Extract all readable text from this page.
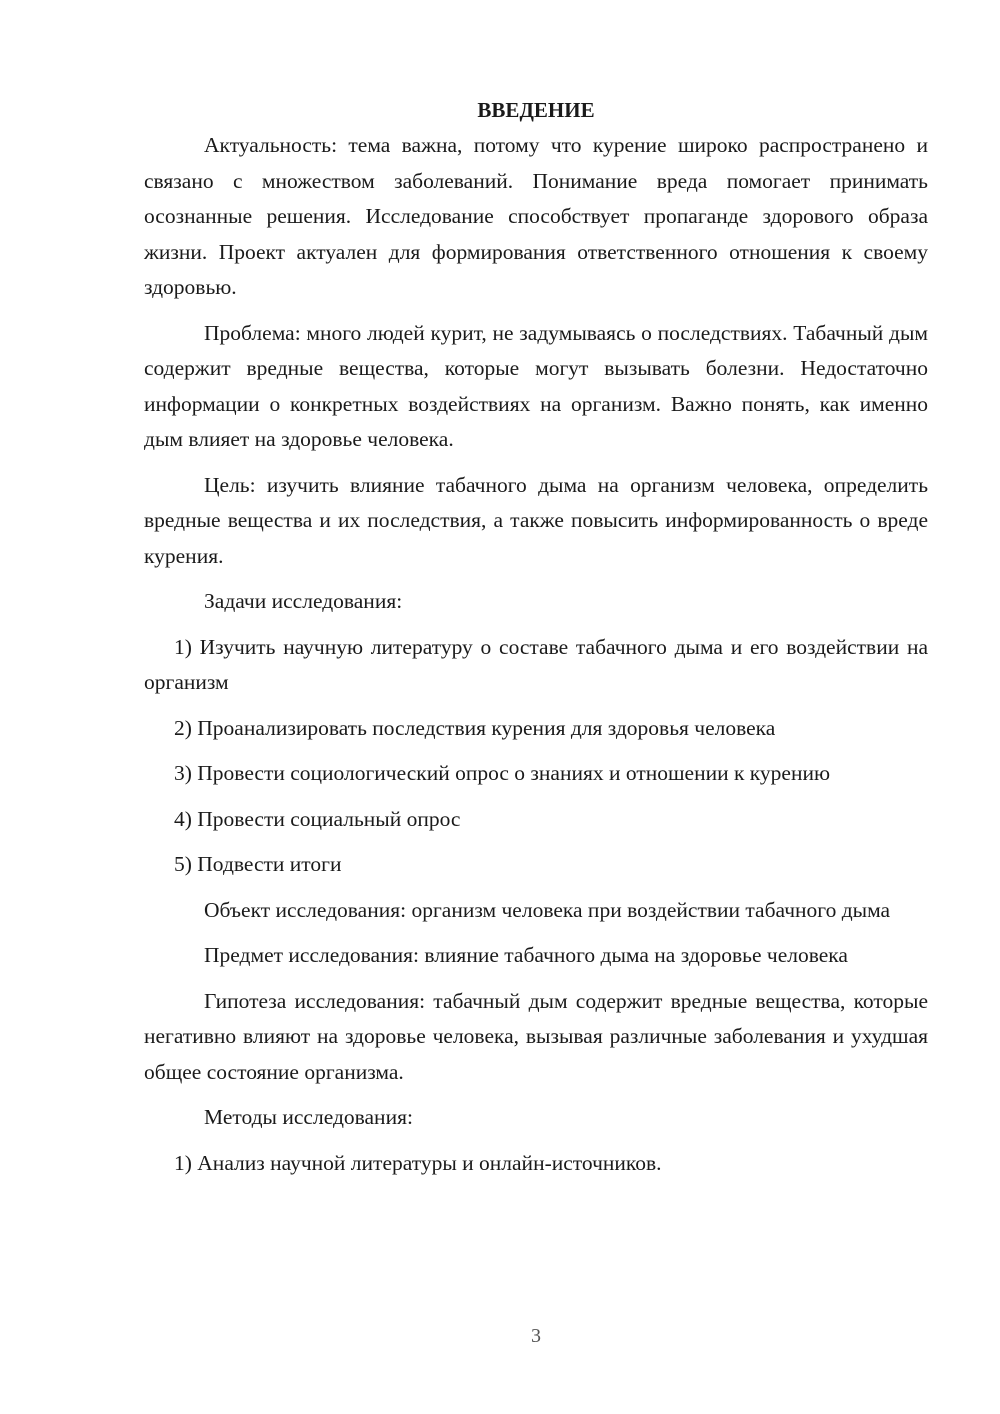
ВВЕДЕНИЕ

Актуальность: тема важна, потому что курение широко распространено и связано с множеством заболеваний. Понимание вреда помогает принимать осознанные решения. Исследование способствует пропаганде здорового образа жизни. Проект актуален для формирования ответственного отношения к своему здоровью.

Проблема: много людей курит, не задумываясь о последствиях. Табачный дым содержит вредные вещества, которые могут вызывать болезни. Недостаточно информации о конкретных воздействиях на организм. Важно понять, как именно дым влияет на здоровье человека.

Цель: изучить влияние табачного дыма на организм человека, определить вредные вещества и их последствия, а также повысить информированность о вреде курения.

Задачи исследования:

1) Изучить научную литературу о составе табачного дыма и его воздействии на организм

2) Проанализировать последствия курения для здоровья человека

3) Провести социологический опрос о знаниях и отношении к курению

4) Провести социальный опрос

5) Подвести итоги

Объект исследования: организм человека при воздействии табачного дыма

Предмет исследования: влияние табачного дыма на здоровье человека

Гипотеза исследования: табачный дым содержит вредные вещества, которые негативно влияют на здоровье человека, вызывая различные заболевания и ухудшая общее состояние организма.

Методы исследования:

1) Анализ научной литературы и онлайн-источников.

3
